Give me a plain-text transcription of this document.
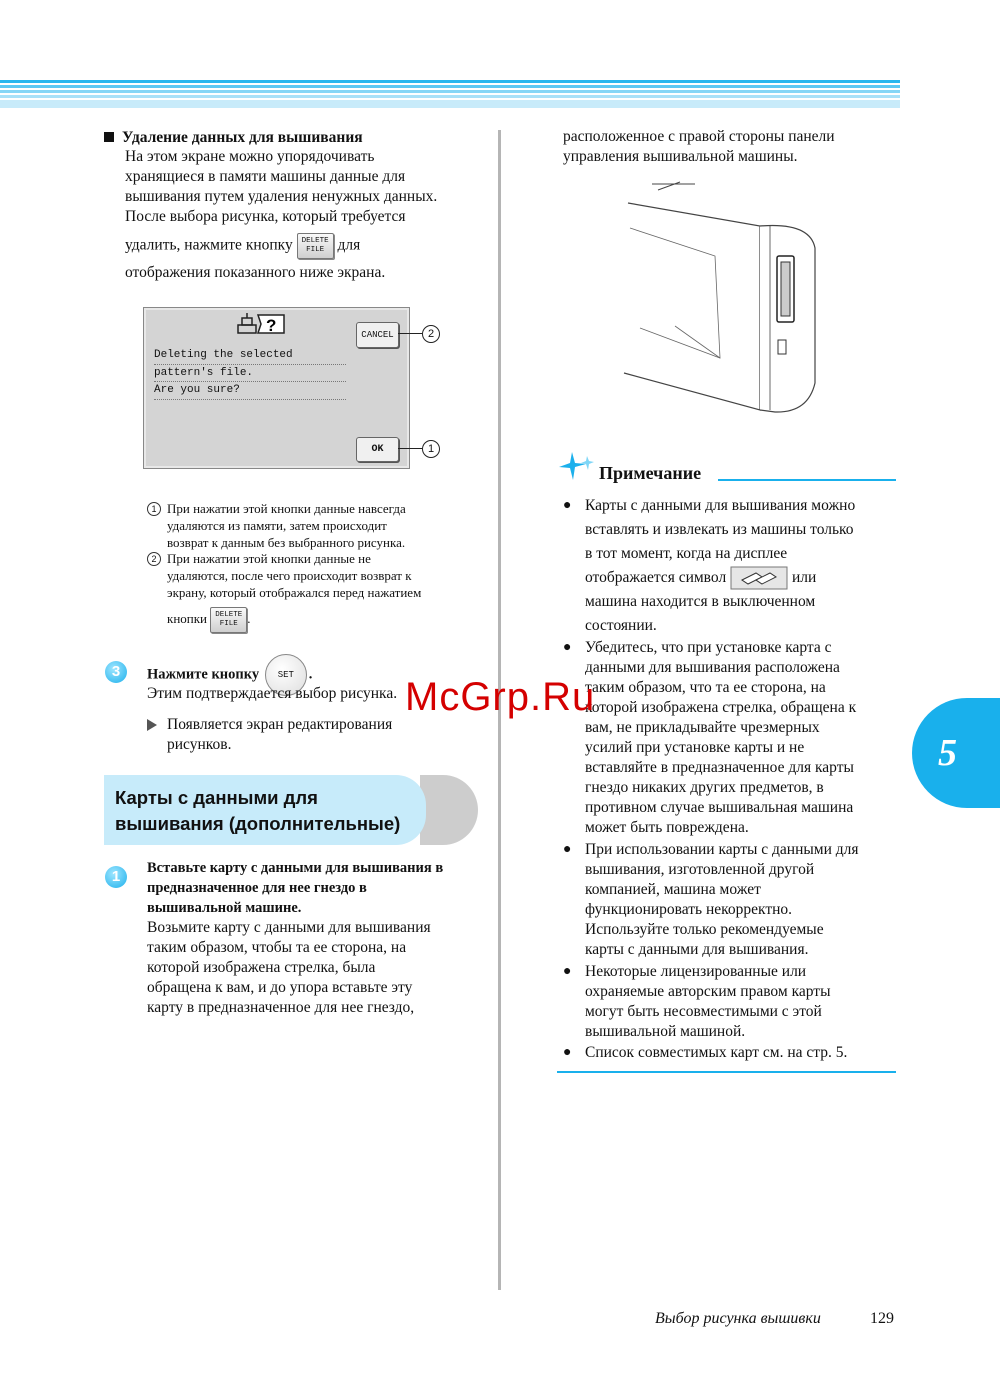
Удаление данных для вышивания
На этом экране можно упорядочивать
хранящиеся в памяти машины данные для
вышивания путем удаления ненужных данных.
После выбора рисунка, который требуется
удалить, нажмите кнопку DELETE
FILE для
отображения показанного ниже экрана.
?
Deleting the selected
pattern's file.
Are you sure?
CANCEL
OK
2
1
1 При нажатии этой кнопки данные навсегда
удаляются из памяти, затем происходит
возврат к данным без выбранного рисунка.
2 При нажатии этой кнопки данные не
удаляются, после чего происходит возврат к
экрану, который отображался перед нажатием
кнопки DELETE
FILE .
3	Нажмите кнопку SET .
Этим подтверждается выбор рисунка.
Появляется экран редактирования
рисунков.
Карты с данными для
вышивания (дополнительные)
1	Вставьте карту с данными для вышивания в
предназначенное для нее гнездо в
вышивальной машине.
Возьмите карту с данными для вышивания
таким образом, чтобы та ее сторона, на
которой изображена стрелка, была
обращена к вам, и до упора вставьте эту
карту в предназначенное для нее гнездо,
расположенное с правой стороны панели
управления вышивальной машины.
Примечание
● Карты с данными для вышивания можно
вставлять и извлекать из машины только
в тот момент, когда на дисплее
отображается символ	или
машина находится в выключенном
состоянии.
● Убедитесь, что при установке карта с
данными для вышивания расположена
таким образом, что та ее сторона, на
которой изображена стрелка, обращена к
вам, не прикладывайте чрезмерных
усилий при установке карты и не
вставляйте в предназначенное для карты
гнездо никаких других предметов, в
противном случае вышивальная машина
может быть повреждена.
● При использовании карты с данными для
вышивания, изготовленной другой
компанией, машина может
функционировать некорректно.
Используйте только рекомендуемые
карты с данными для вышивания.
● Некоторые лицензированные или
охраняемые авторским правом карты
могут быть несовместимыми с этой
вышивальной машиной.
● Список совместимых карт см. на стр. 5.
5
McGrp.Ru
Выбор рисунка вышивки	129
